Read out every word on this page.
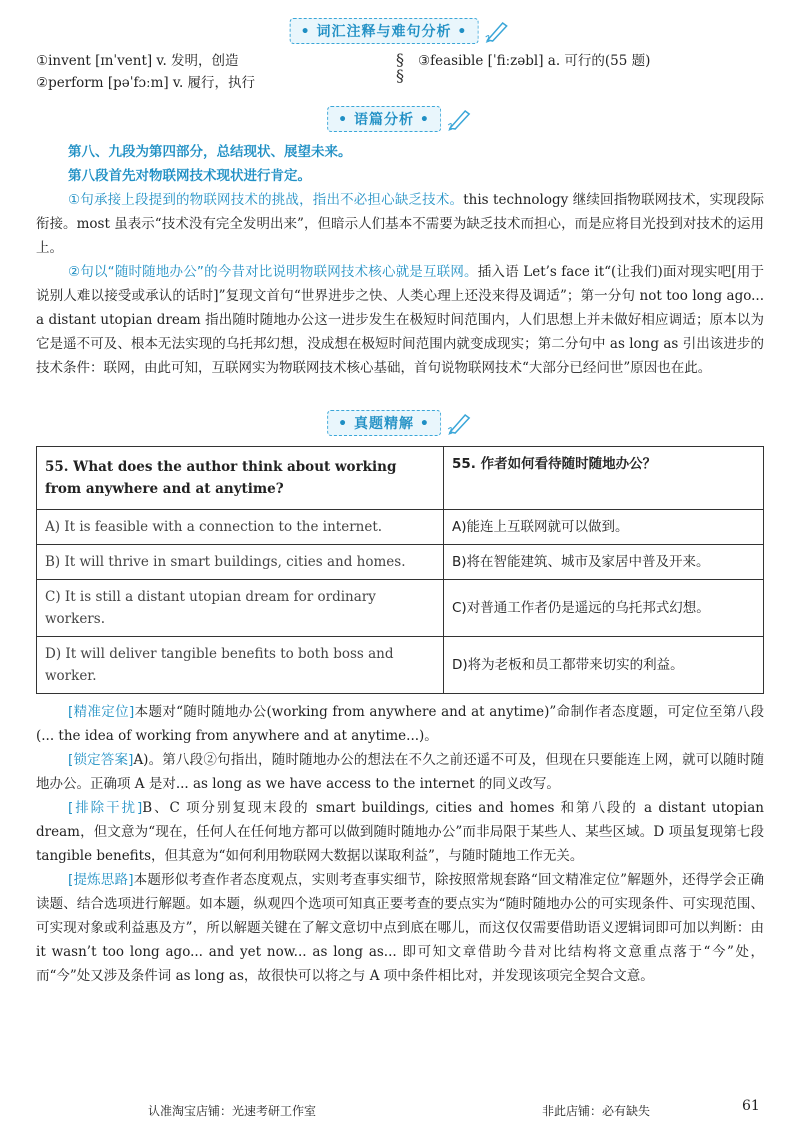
• 词汇注释与难句分析 •
①invent [ɪnˈvent] v. 发明，创造
②perform [pəˈfɔːm] v. 履行，执行
§
§
③feasible [ˈfiːzəbl] a. 可行的(55 题)
• 语篇分析 •
第八、九段为第四部分，总结现状、展望未来。
第八段首先对物联网技术现状进行肯定。

①句承接上段提到的物联网技术的挑战，指出不必担心缺乏技术。this technology 继续回指物联网技术，实现段际衔接。most 虽表示“技术没有完全发明出来”，但暗示人们基本不需要为缺乏技术而担心，而是应将目光投到对技术的运用上。

②句以“随时随地办公”的今昔对比说明物联网技术核心就是互联网。插入语 Let’s face it“(让我们)面对现实吧[用于说别人难以接受或承认的话时]”复现文首句“世界进步之快、人类心理上还没来得及调适”；第一分句 not too long ago... a distant utopian dream 指出随时随地办公这一进步发生在极短时间范围内，人们思想上并未做好相应调适；原本以为它是遥不可及、根本无法实现的乌托邦幻想，没成想在极短时间范围内就变成现实；第二分句中 as long as 引出该进步的技术条件：联网，由此可知，互联网实为物联网技术核心基础，首句说物联网技术“大部分已经问世”原因也在此。

• 真题精解 •
55. What does the author think about working from anywhere and at anytime?	55. 作者如何看待随时随地办公？
A) It is feasible with a connection to the internet.	A)能连上互联网就可以做到。
B) It will thrive in smart buildings, cities and homes.	B)将在智能建筑、城市及家居中普及开来。
C) It is still a distant utopian dream for ordinary workers.	C)对普通工作者仍是遥远的乌托邦式幻想。
D) It will deliver tangible benefits to both boss and worker.	D)将为老板和员工都带来切实的利益。

[精准定位]本题对“随时随地办公(working from anywhere and at anytime)”命制作者态度题，可定位至第八段(... the idea of working from anywhere and at anytime...)。

[锁定答案]A)。第八段②句指出，随时随地办公的想法在不久之前还遥不可及，但现在只要能连上网，就可以随时随地办公。正确项 A 是对... as long as we have access to the internet 的同义改写。

[排除干扰]B、C 项分别复现末段的 smart buildings, cities and homes 和第八段的 a distant utopian dream，但文意为“现在，任何人在任何地方都可以做到随时随地办公”而非局限于某些人、某些区域。D 项虽复现第七段 tangible benefits，但其意为“如何利用物联网大数据以谋取利益”，与随时随地工作无关。

[提炼思路]本题形似考查作者态度观点，实则考查事实细节，除按照常规套路“回文精准定位”解题外，还得学会正确读题、结合选项进行解题。如本题，纵观四个选项可知真正要考查的要点实为“随时随地办公的可实现条件、可实现范围、可实现对象或利益惠及方”，所以解题关键在了解文意切中点到底在哪儿，而这仅仅需要借助语义逻辑词即可加以判断：由 it wasn’t too long ago... and yet now... as long as... 即可知文章借助今昔对比结构将文意重点落于“今”处，而“今”处又涉及条件词 as long as，故很快可以将之与 A 项中条件相比对，并发现该项完全契合文意。

认准淘宝店铺：光速考研工作室	非此店铺：必有缺失	61
